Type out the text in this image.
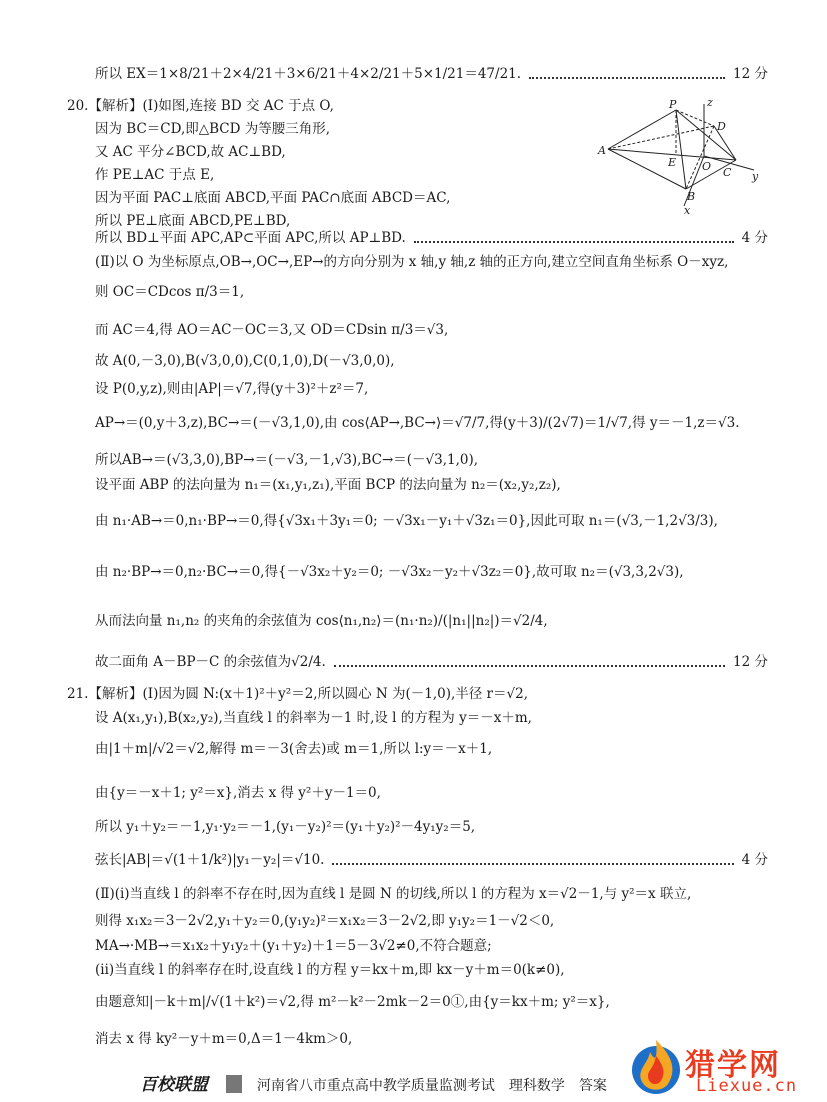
所以 EX＝1×8/21＋2×4/21＋3×6/21＋4×2/21＋5×1/21＝47/21.	12 分
20.【解析】(Ⅰ)如图,连接 BD 交 AC 于点 O,
因为 BC＝CD,即△BCD 为等腰三角形,
又 AC 平分∠BCD,故 AC⊥BD,
作 PE⊥AC 于点 E,
因为平面 PAC⊥底面 ABCD,平面 PAC∩底面 ABCD＝AC,
所以 PE⊥底面 ABCD,PE⊥BD,
所以 BD⊥平面 APC,AP⊂平面 APC,所以 AP⊥BD.	4 分
(Ⅱ)以 O 为坐标原点,OB→,OC→,EP→的方向分别为 x 轴,y 轴,z 轴的正方向,建立空间直角坐标系 O－xyz,
则 OC＝CDcos π/3＝1,
而 AC＝4,得 AO＝AC－OC＝3,又 OD＝CDsin π/3＝√3,
故 A(0,－3,0),B(√3,0,0),C(0,1,0),D(－√3,0,0),
设 P(0,y,z),则由|AP|＝√7,得(y＋3)²＋z²＝7,
AP→＝(0,y＋3,z),BC→＝(－√3,1,0),由 cos⟨AP→,BC→⟩＝√7/7,得(y＋3)/(2√7)＝1/√7,得 y＝－1,z＝√3.
所以AB→＝(√3,3,0),BP→＝(－√3,－1,√3),BC→＝(－√3,1,0),
设平面 ABP 的法向量为 n₁＝(x₁,y₁,z₁),平面 BCP 的法向量为 n₂＝(x₂,y₂,z₂),
由 n₁·AB→＝0,n₁·BP→＝0,得{√3x₁＋3y₁＝0; －√3x₁－y₁＋√3z₁＝0},因此可取 n₁＝(√3,－1,2√3/3),
由 n₂·BP→＝0,n₂·BC→＝0,得{－√3x₂＋y₂＝0; －√3x₂－y₂＋√3z₂＝0},故可取 n₂＝(√3,3,2√3),
从而法向量 n₁,n₂ 的夹角的余弦值为 cos⟨n₁,n₂⟩＝(n₁·n₂)/(|n₁||n₂|)＝√2/4,
故二面角 A－BP－C 的余弦值为√2/4.	12 分
P	z
D
A
E O C y
B
x
21.【解析】(Ⅰ)因为圆 N:(x＋1)²＋y²＝2,所以圆心 N 为(－1,0),半径 r＝√2,
设 A(x₁,y₁),B(x₂,y₂),当直线 l 的斜率为－1 时,设 l 的方程为 y＝－x＋m,
由|1＋m|/√2＝√2,解得 m＝－3(舍去)或 m＝1,所以 l:y＝－x＋1,
由{y＝－x＋1; y²＝x},消去 x 得 y²＋y－1＝0,
所以 y₁＋y₂＝－1,y₁·y₂＝－1,(y₁－y₂)²＝(y₁＋y₂)²－4y₁y₂＝5,
弦长|AB|＝√(1＋1/k²)|y₁－y₂|＝√10.	4 分
(Ⅱ)(ⅰ)当直线 l 的斜率不存在时,因为直线 l 是圆 N 的切线,所以 l 的方程为 x＝√2－1,与 y²＝x 联立,
则得 x₁x₂＝3－2√2,y₁＋y₂＝0,(y₁y₂)²＝x₁x₂＝3－2√2,即 y₁y₂＝1－√2＜0,
MA→·MB→＝x₁x₂＋y₁y₂＋(y₁＋y₂)＋1＝5－3√2≠0,不符合题意;
(ⅱ)当直线 l 的斜率存在时,设直线 l 的方程 y＝kx＋m,即 kx－y＋m＝0(k≠0),
由题意知|－k＋m|/√(1＋k²)＝√2,得 m²－k²－2mk－2＝0①,由{y＝kx＋m; y²＝x},
消去 x 得 ky²－y＋m＝0,Δ＝1－4km＞0,
百校联盟	河南省八市重点高中教学质量监测考试　理科数学　答案
猎学网
Liexue.cn
